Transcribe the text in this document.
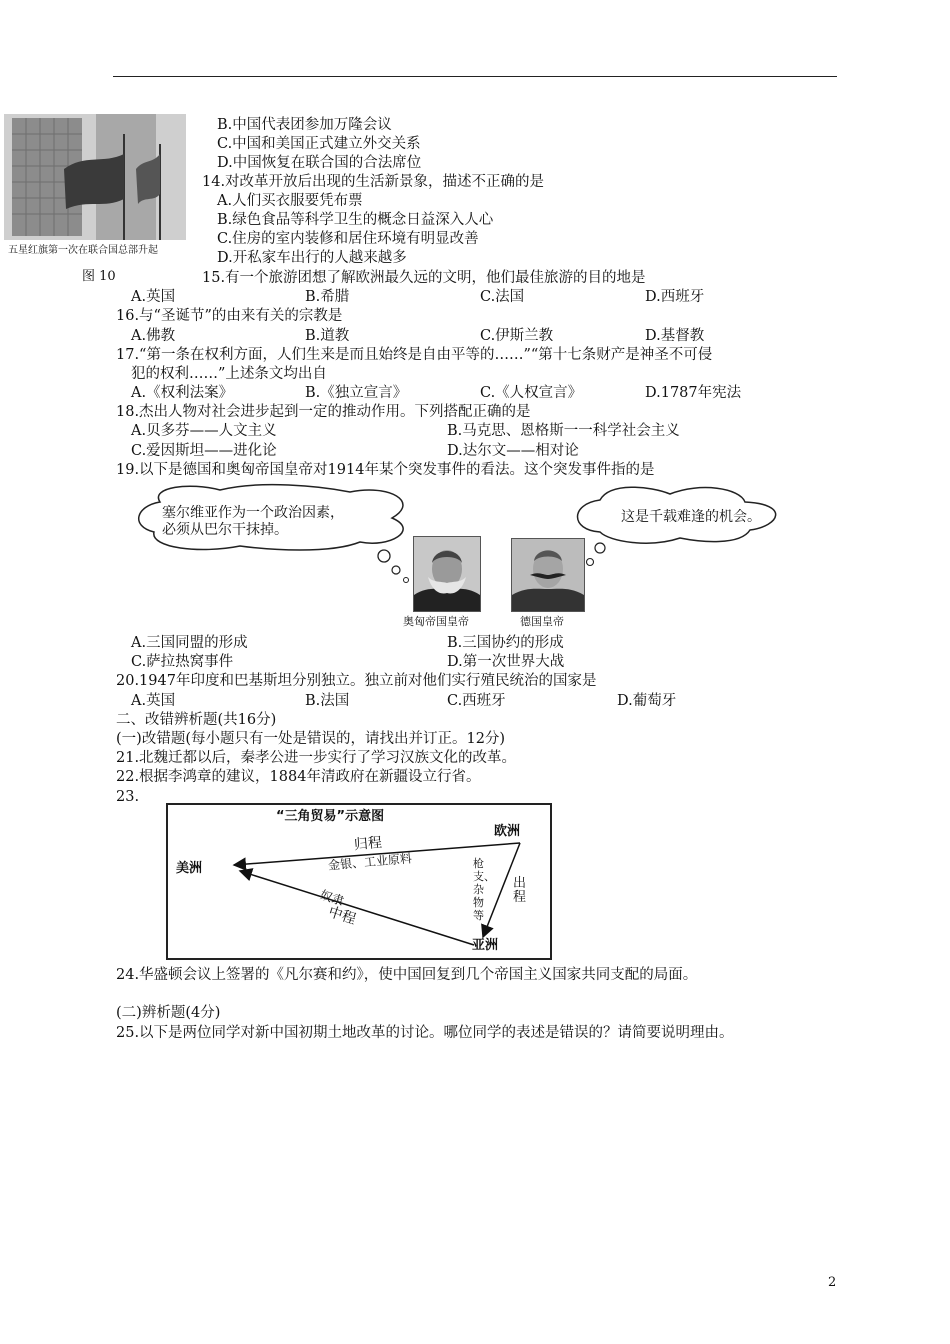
五星红旗第一次在联合国总部升起
图 10
B.中国代表团参加万隆会议
C.中国和美国正式建立外交关系
D.中国恢复在联合国的合法席位
14.对改革开放后出现的生活新景象，描述不正确的是
A.人们买衣服要凭布票
B.绿色食品等科学卫生的概念日益深入人心
C.住房的室内装修和居住环境有明显改善
D.开私家车出行的人越来越多
15.有一个旅游团想了解欧洲最久远的文明，他们最佳旅游的目的地是
A.英国	B.希腊	C.法国	D.西班牙
16.与“圣诞节”的由来有关的宗教是
A.佛教	B.道教	C.伊斯兰教	D.基督教
17.“第一条在权利方面，人们生来是而且始终是自由平等的……”“第十七条财产是神圣不可侵
犯的权利……”上述条文均出自
A.《权利法案》	B.《独立宣言》	C.《人权宣言》	D.1787年宪法
18.杰出人物对社会进步起到一定的推动作用。下列搭配正确的是
A.贝多芬——人文主义	B.马克思、恩格斯一一科学社会主义
C.爱因斯坦——进化论	D.达尔文——相对论
19.以下是德国和奥匈帝国皇帝对1914年某个突发事件的看法。这个突发事件指的是
塞尔维亚作为一个政治因素，
必须从巴尔干抹掉。
这是千载难逢的机会。
奥匈帝国皇帝	德国皇帝
A.三国同盟的形成	B.三国协约的形成
C.萨拉热窝事件	D.第一次世界大战
20.1947年印度和巴基斯坦分别独立。独立前对他们实行殖民统治的国家是
A.英国	B.法国	C.西班牙	D.葡萄牙
二、改错辨析题(共16分)
(一)改错题(每小题只有一处是错误的，请找出并订正。12分)
21.北魏迁都以后，秦孝公进一步实行了学习汉族文化的改革。
22.根据李鸿章的建议，1884年清政府在新疆设立行省。
23.
“三角贸易”示意图
欧洲
美洲
亚洲
归程
金银、工业原料
出程
枪支、杂物等
奴隶
中程
24.华盛顿会议上签署的《凡尔赛和约》，使中国回复到几个帝国主义国家共同支配的局面。
(二)辨析题(4分)
25.以下是两位同学对新中国初期土地改革的讨论。哪位同学的表述是错误的？请简要说明理由。
2
